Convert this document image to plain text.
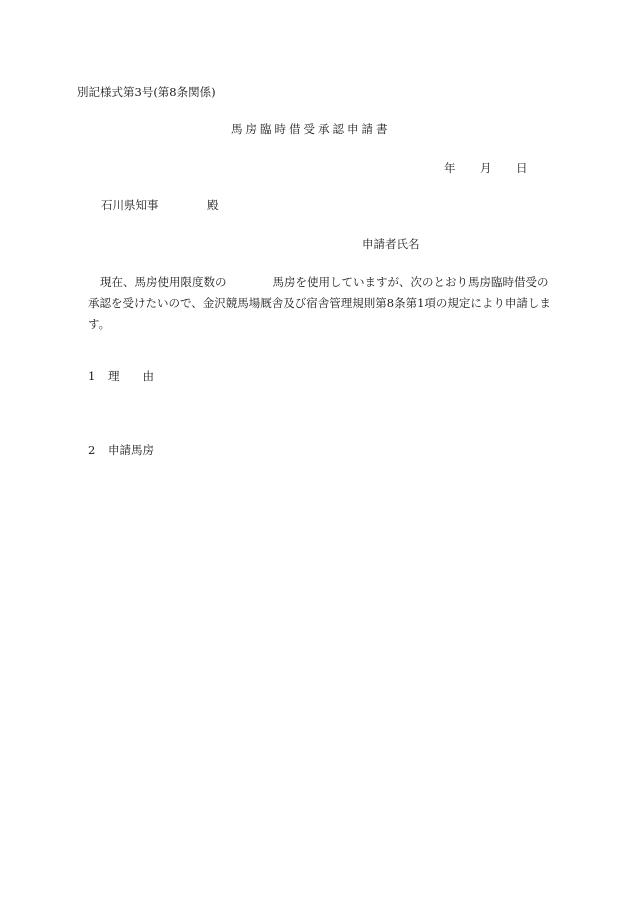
別記様式第3号(第8条関係)
馬房臨時借受承認申請書
年 月 日
石川県知事	殿
申請者氏名
現在、馬房使用限度数の	馬房を使用していますが、次のとおり馬房臨時借受の承認を受けたいので、金沢競馬場厩舎及び宿舎管理規則第8条第1項の規定により申請します。
1 理　　由
2 申請馬房
